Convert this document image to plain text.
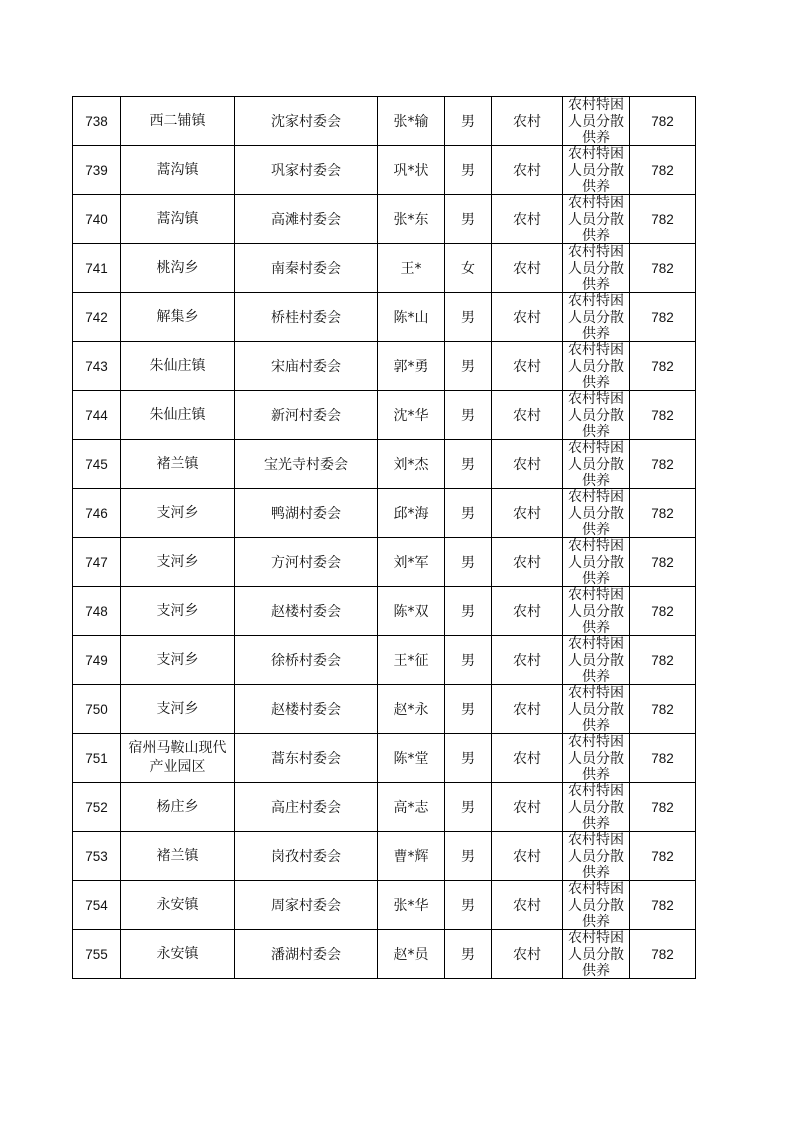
738	西二铺镇	沈家村委会	张*输	男	农村	农村特困人员分散供养	782
739	蒿沟镇	巩家村委会	巩*状	男	农村	农村特困人员分散供养	782
740	蒿沟镇	高滩村委会	张*东	男	农村	农村特困人员分散供养	782
741	桃沟乡	南秦村委会	王*	女	农村	农村特困人员分散供养	782
742	解集乡	桥桂村委会	陈*山	男	农村	农村特困人员分散供养	782
743	朱仙庄镇	宋庙村委会	郭*勇	男	农村	农村特困人员分散供养	782
744	朱仙庄镇	新河村委会	沈*华	男	农村	农村特困人员分散供养	782
745	褚兰镇	宝光寺村委会	刘*杰	男	农村	农村特困人员分散供养	782
746	支河乡	鸭湖村委会	邱*海	男	农村	农村特困人员分散供养	782
747	支河乡	方河村委会	刘*军	男	农村	农村特困人员分散供养	782
748	支河乡	赵楼村委会	陈*双	男	农村	农村特困人员分散供养	782
749	支河乡	徐桥村委会	王*征	男	农村	农村特困人员分散供养	782
750	支河乡	赵楼村委会	赵*永	男	农村	农村特困人员分散供养	782
751	宿州马鞍山现代产业园区	蒿东村委会	陈*堂	男	农村	农村特困人员分散供养	782
752	杨庄乡	高庄村委会	高*志	男	农村	农村特困人员分散供养	782
753	褚兰镇	岗孜村委会	曹*辉	男	农村	农村特困人员分散供养	782
754	永安镇	周家村委会	张*华	男	农村	农村特困人员分散供养	782
755	永安镇	潘湖村委会	赵*员	男	农村	农村特困人员分散供养	782
